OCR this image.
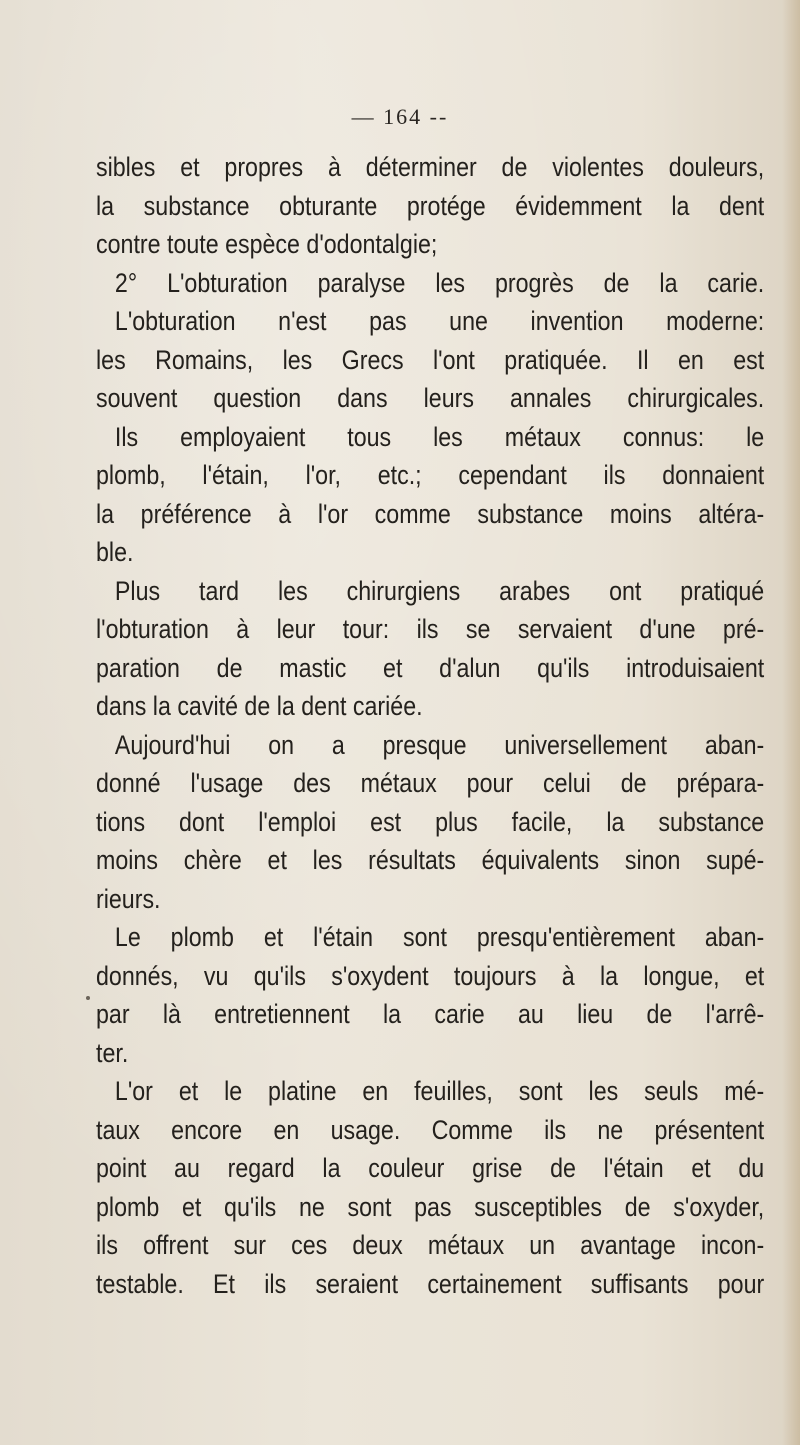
— 164 --
sibles et propres à déterminer de violentes douleurs,
la substance obturante protége évidemment la dent
contre toute espèce d'odontalgie;
2° L'obturation paralyse les progrès de la carie.
L'obturation n'est pas une invention moderne:
les Romains, les Grecs l'ont pratiquée. Il en est
souvent question dans leurs annales chirurgicales.
Ils employaient tous les métaux connus: le
plomb, l'étain, l'or, etc.; cependant ils donnaient
la préférence à l'or comme substance moins altéra-
ble.
Plus tard les chirurgiens arabes ont pratiqué
l'obturation à leur tour: ils se servaient d'une pré-
paration de mastic et d'alun qu'ils introduisaient
dans la cavité de la dent cariée.
Aujourd'hui on a presque universellement aban-
donné l'usage des métaux pour celui de prépara-
tions dont l'emploi est plus facile, la substance
moins chère et les résultats équivalents sinon supé-
rieurs.
Le plomb et l'étain sont presqu'entièrement aban-
donnés, vu qu'ils s'oxydent toujours à la longue, et
par là entretiennent la carie au lieu de l'arrê-
ter.
L'or et le platine en feuilles, sont les seuls mé-
taux encore en usage. Comme ils ne présentent
point au regard la couleur grise de l'étain et du
plomb et qu'ils ne sont pas susceptibles de s'oxyder,
ils offrent sur ces deux métaux un avantage incon-
testable. Et ils seraient certainement suffisants pour
